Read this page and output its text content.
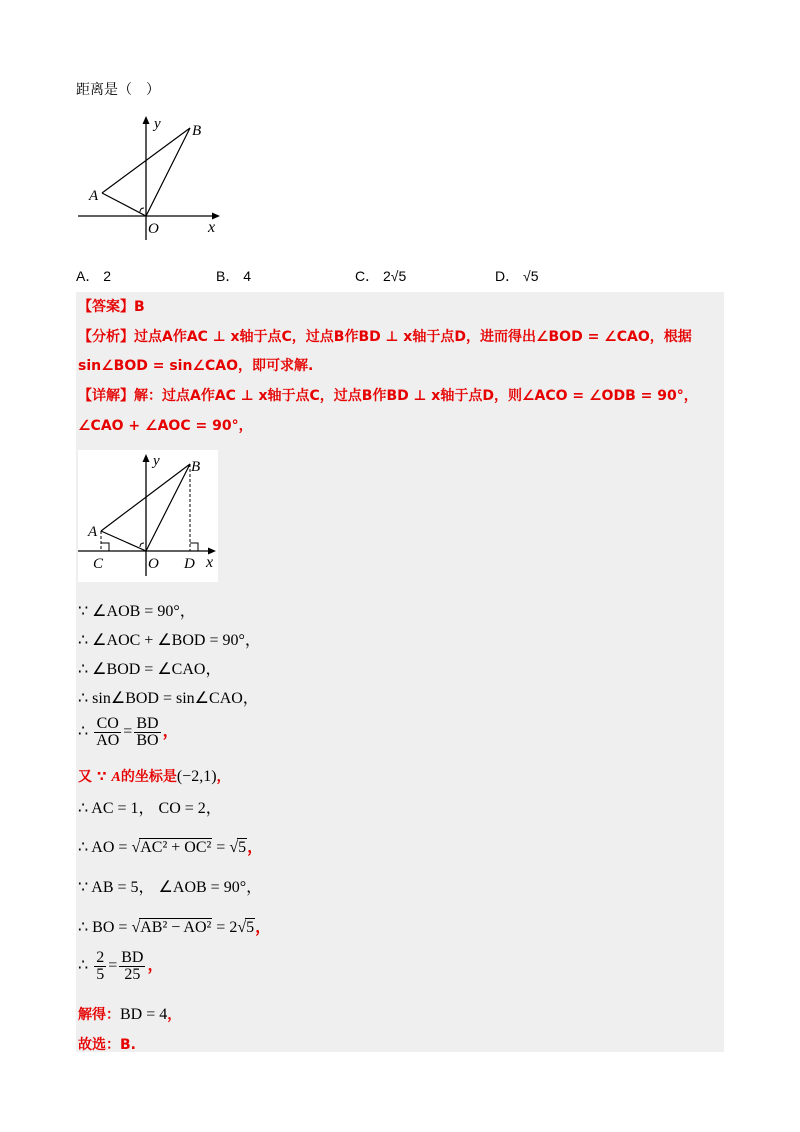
距离是（　）
y
x
B
A
O
A． 2	B． 4	C． 2√5	D． √5
【答案】B
【分析】过点A作AC ⊥ x轴于点C，过点B作BD ⊥ x轴于点D，进而得出∠BOD = ∠CAO，根据
sin∠BOD = sin∠CAO，即可求解.
【详解】解：过点A作AC ⊥ x轴于点C，过点B作BD ⊥ x轴于点D，则∠ACO = ∠ODB = 90°，
∠CAO + ∠AOC = 90°，
y
x
B
A
O
C	D
∵ ∠AOB = 90°，
∴ ∠AOC + ∠BOD = 90°，
∴ ∠BOD = ∠CAO，
∴ sin∠BOD = sin∠CAO，
∴ $\frac{CO}{AO} = \frac{BD}{BO}$ ，
又 ∵ A的坐标是(−2,1)，
∴ AC = 1， CO = 2，
∴ AO = √AC² + OC² = √5，
∵ AB = 5， ∠AOB = 90°，
∴ BO = √AB² − AO² = 2√5，
∴ $\frac{2}{5} = \frac{BD}{25}$ ，
解得：BD = 4，
故选：B.
